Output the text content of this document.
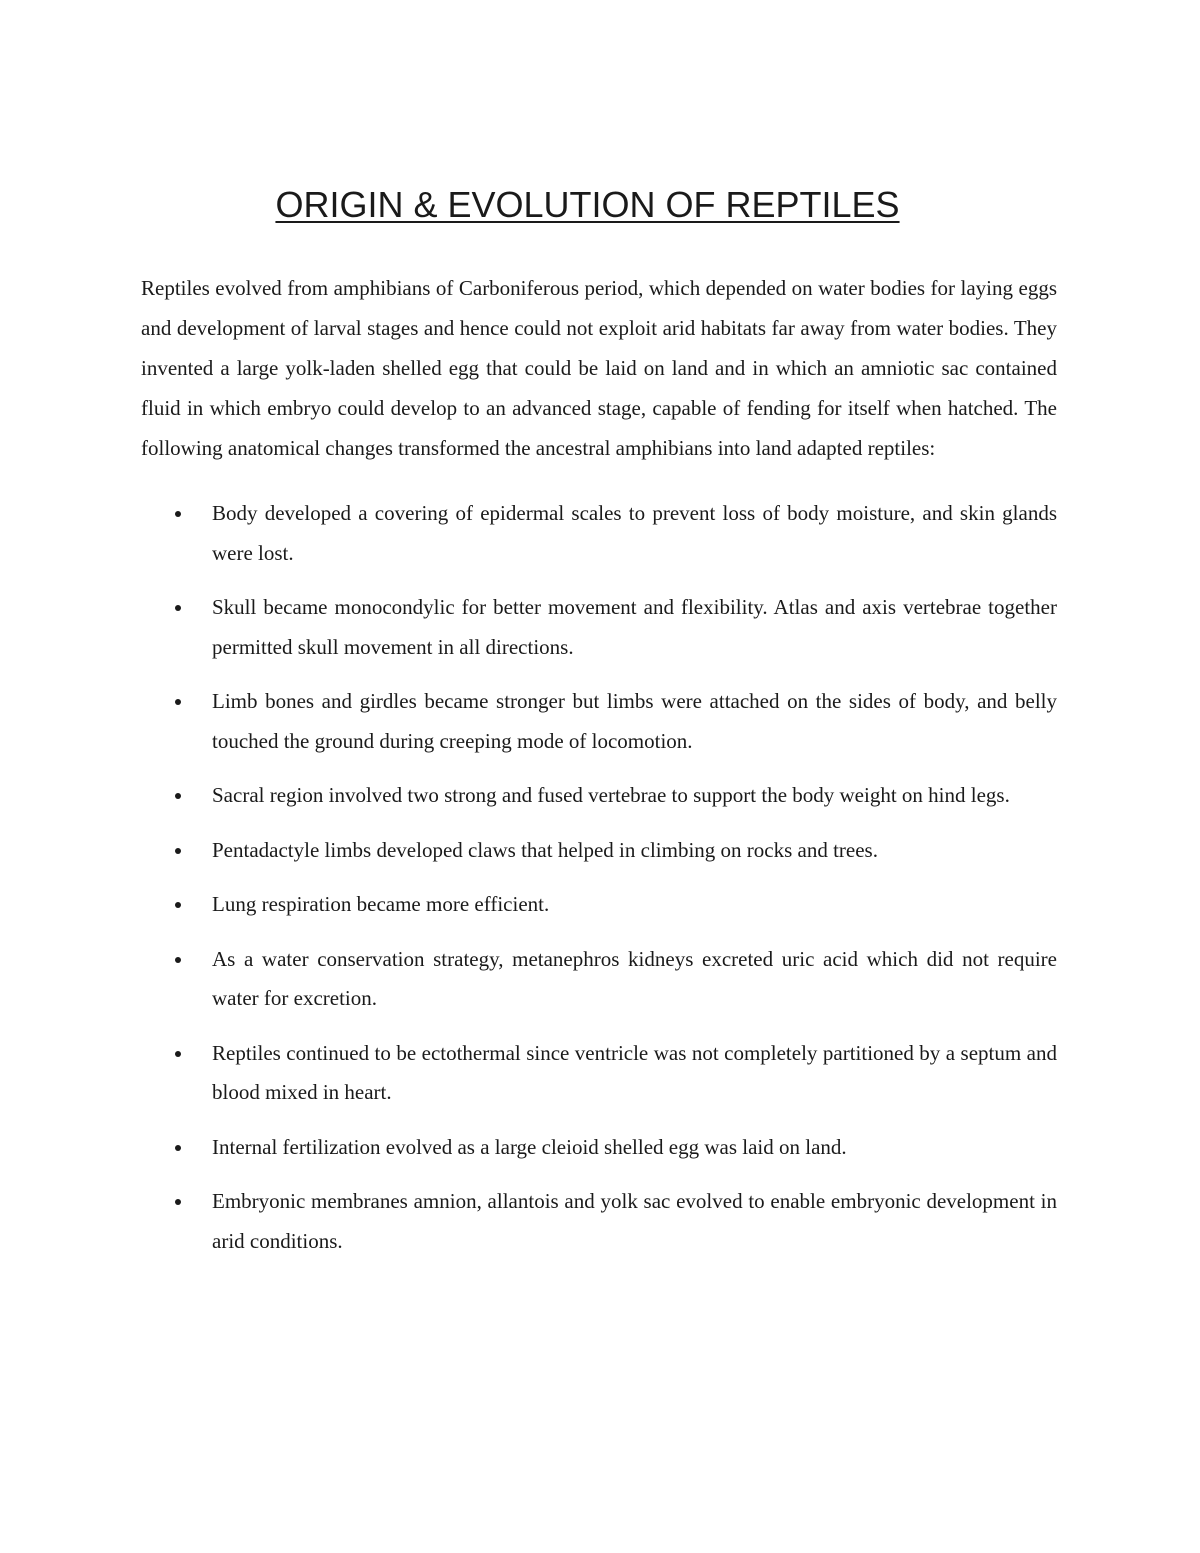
ORIGIN & EVOLUTION OF REPTILES

Reptiles evolved from amphibians of Carboniferous period, which depended on water bodies for laying eggs and development of larval stages and hence could not exploit arid habitats far away from water bodies. They invented a large yolk-laden shelled egg that could be laid on land and in which an amniotic sac contained fluid in which embryo could develop to an advanced stage, capable of fending for itself when hatched. The following anatomical changes transformed the ancestral amphibians into land adapted reptiles:

Body developed a covering of epidermal scales to prevent loss of body moisture, and skin glands were lost.
Skull became monocondylic for better movement and flexibility. Atlas and axis vertebrae together permitted skull movement in all directions.
Limb bones and girdles became stronger but limbs were attached on the sides of body, and belly touched the ground during creeping mode of locomotion.
Sacral region involved two strong and fused vertebrae to support the body weight on hind legs.
Pentadactyle limbs developed claws that helped in climbing on rocks and trees.
Lung respiration became more efficient.
As a water conservation strategy, metanephros kidneys excreted uric acid which did not require water for excretion.
Reptiles continued to be ectothermal since ventricle was not completely partitioned by a septum and blood mixed in heart.
Internal fertilization evolved as a large cleioid shelled egg was laid on land.
Embryonic membranes amnion, allantois and yolk sac evolved to enable embryonic development in arid conditions.
